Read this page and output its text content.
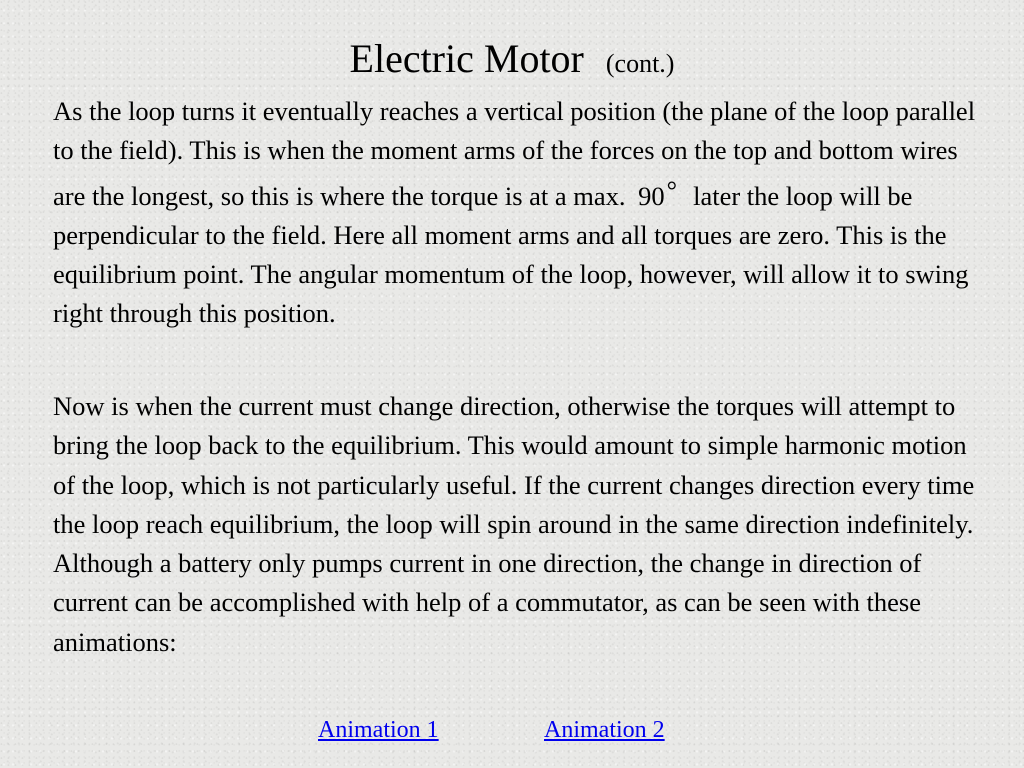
Electric Motor (cont.)

As the loop turns it eventually reaches a vertical position (the plane of the loop parallel to the field). This is when the moment arms of the forces on the top and bottom wires are the longest, so this is where the torque is at a max. 90° later the loop will be perpendicular to the field. Here all moment arms and all torques are zero. This is the equilibrium point. The angular momentum of the loop, however, will allow it to swing right through this position.

Now is when the current must change direction, otherwise the torques will attempt to bring the loop back to the equilibrium. This would amount to simple harmonic motion of the loop, which is not particularly useful. If the current changes direction every time the loop reach equilibrium, the loop will spin around in the same direction indefinitely. Although a battery only pumps current in one direction, the change in direction of current can be accomplished with help of a commutator, as can be seen with these animations:

Animation 1	Animation 2
